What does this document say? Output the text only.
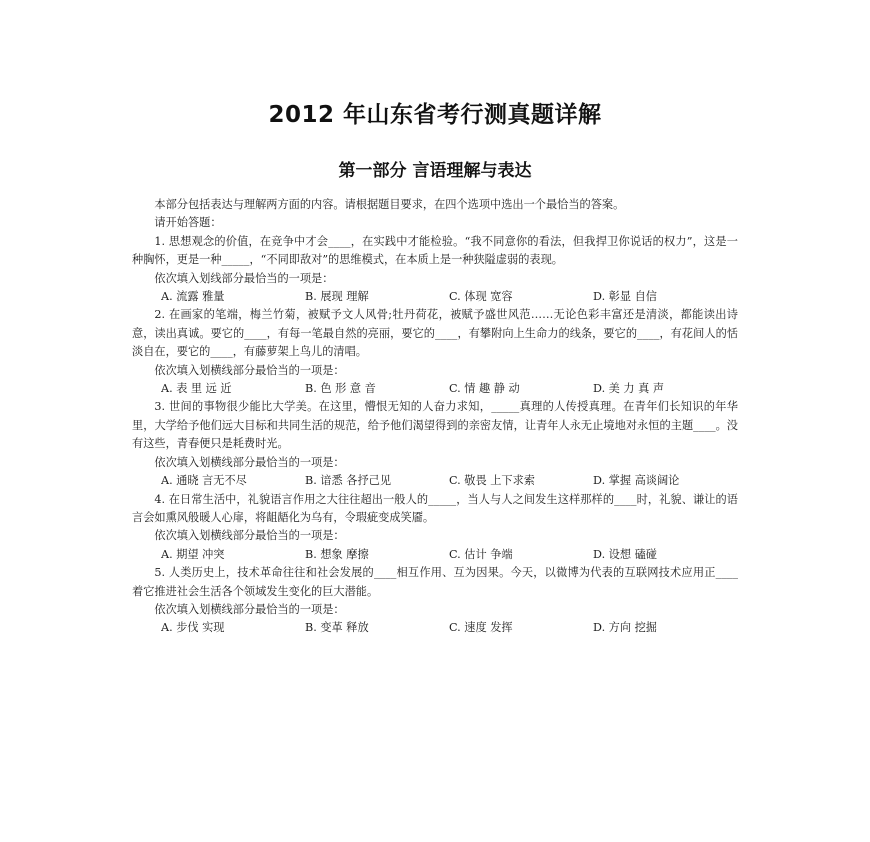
2012 年山东省考行测真题详解
第一部分 言语理解与表达

本部分包括表达与理解两方面的内容。请根据题目要求，在四个选项中选出一个最恰当的答案。

请开始答题：

1. 思想观念的价值，在竞争中才会____，在实践中才能检验。“我不同意你的看法，但我捍卫你说话的权力”，这是一种胸怀，更是一种_____，“不同即敌对”的思维模式，在本质上是一种狭隘虚弱的表现。

依次填入划线部分最恰当的一项是：

A. 流露 雅量	B. 展现 理解	C. 体现 宽容	D. 彰显 自信

2. 在画家的笔端，梅兰竹菊，被赋予文人风骨;牡丹荷花，被赋予盛世风范……无论色彩丰富还是清淡，都能读出诗意，读出真诚。要它的____，有每一笔最自然的亮丽，要它的____，有攀附向上生命力的线条，要它的____，有花间人的恬淡自在，要它的____，有藤萝架上鸟儿的清唱。

依次填入划横线部分最恰当的一项是：

A. 表 里 远 近	B. 色 形 意 音	C. 情 趣 静 动	D. 美 力 真 声

3. 世间的事物很少能比大学美。在这里，懵恨无知的人奋力求知，_____真理的人传授真理。在青年们长知识的年华里，大学给予他们远大目标和共同生活的规范，给予他们渴望得到的亲密友情，让青年人永无止境地对永恒的主题____。没有这些，青春便只是耗费时光。

依次填入划横线部分最恰当的一项是：

A. 通晓 言无不尽	B. 谙悉 各抒己见	C. 敬畏 上下求索	D. 掌握 高谈阔论

4. 在日常生活中，礼貌语言作用之大往往超出一般人的_____，当人与人之间发生这样那样的____时，礼貌、谦让的语言会如熏风般暖人心扉，将龃龉化为乌有，令瑕疵变成笑靥。

依次填入划横线部分最恰当的一项是：

A. 期望 冲突	B. 想象 摩擦	C. 估计 争端	D. 设想 磕碰

5. 人类历史上，技术革命往往和社会发展的____相互作用、互为因果。今天，以微博为代表的互联网技术应用正____着它推进社会生活各个领域发生变化的巨大潜能。

依次填入划横线部分最恰当的一项是：

A. 步伐 实现	B. 变革 释放	C. 速度 发挥	D. 方向 挖掘
